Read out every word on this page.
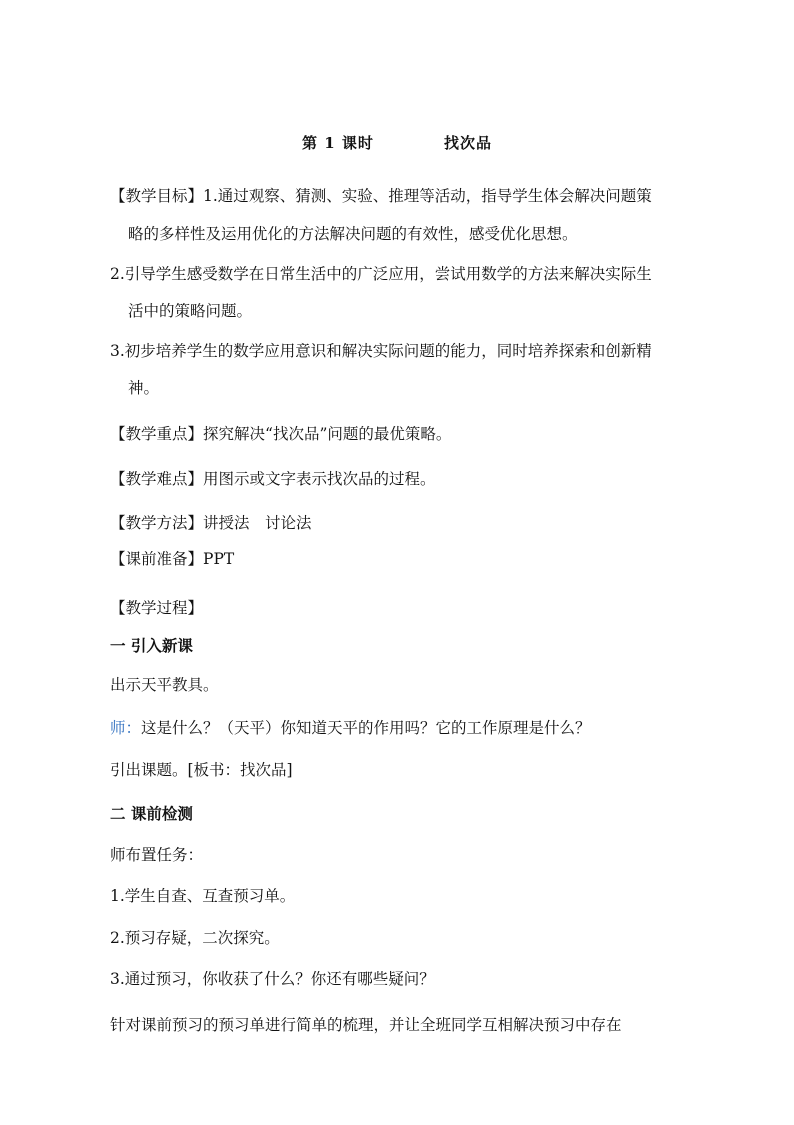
第 1 课时	找次品
【教学目标】1.通过观察、猜测、实验、推理等活动，指导学生体会解决问题策
略的多样性及运用优化的方法解决问题的有效性，感受优化思想。
2.引导学生感受数学在日常生活中的广泛应用，尝试用数学的方法来解决实际生
活中的策略问题。
3.初步培养学生的数学应用意识和解决实际问题的能力，同时培养探索和创新精
神。
【教学重点】探究解决“找次品”问题的最优策略。
【教学难点】用图示或文字表示找次品的过程。
【教学方法】讲授法　讨论法
【课前准备】PPT
【教学过程】
一 引入新课
出示天平教具。
师：这是什么？（天平）你知道天平的作用吗？它的工作原理是什么？
引出课题。[板书：找次品]
二 课前检测
师布置任务：
1.学生自查、互查预习单。
2.预习存疑，二次探究。
3.通过预习，你收获了什么？你还有哪些疑问？
针对课前预习的预习单进行简单的梳理，并让全班同学互相解决预习中存在
